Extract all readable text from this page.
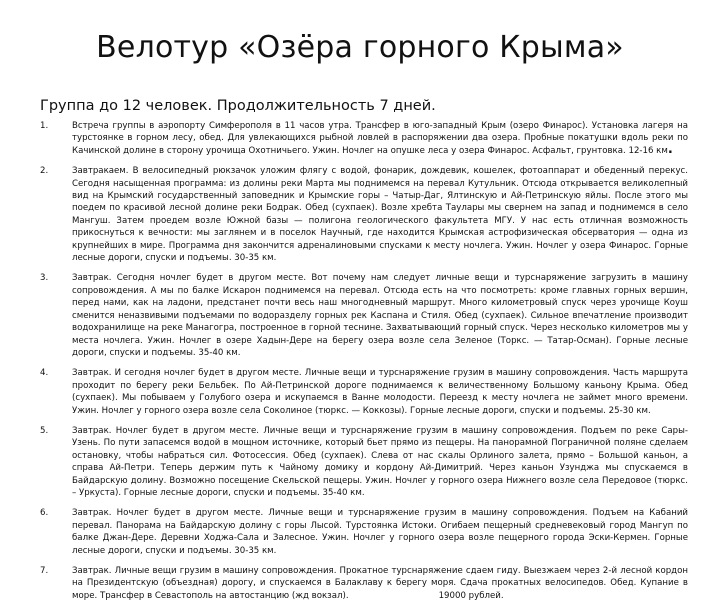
Велотур «Озёра горного Крыма»
Группа до 12 человек. Продолжительность 7 дней.
1.	Встреча группы в аэропорту Симферополя в 11 часов утра. Трансфер в юго-западный Крым (озеро Финарос). Установка лагеря на турстоянке в горном лесу, обед. Для увлекающихся рыбной ловлей в распоряжении два озера. Пробные покатушки вдоль реки по Качинской долине в сторону урочища Охотничьего. Ужин. Ночлег на опушке леса у озера Финарос. Асфальт, грунтовка. 12-16 км.
2.	Завтракаем. В велосипедный рюкзачок уложим флягу с водой, фонарик, дождевик, кошелек, фотоаппарат и обеденный перекус. Сегодня насыщенная программа: из долины реки Марта мы поднимемся на перевал Кутульник. Отсюда открывается великолепный вид на Крымский государственный заповедник и Крымские горы – Чатыр-Даг, Ялтинскую и Ай-Петринскую яйлы. После этого мы поедем по красивой лесной долине реки Бодрак. Обед (сухпаек). Возле хребта Таулары мы свернем на запад и поднимемся в село Мангуш. Затем проедем возле Южной базы — полигона геологического факультета МГУ. У нас есть отличная возможность прикоснуться к вечности: мы заглянем и в поселок Научный, где находится Крымская астрофизическая обсерватория — одна из крупнейших в мире. Программа дня закончится адреналиновыми спусками к месту ночлега. Ужин. Ночлег у озера Финарос. Горные лесные дороги, спуски и подъемы. 30-35 км.
3.	Завтрак. Сегодня ночлег будет в другом месте. Вот почему нам следует личные вещи и турснаряжение загрузить в машину сопровождения. А мы по балке Искарон поднимемся на перевал. Отсюда есть на что посмотреть: кроме главных горных вершин, перед нами, как на ладони, предстанет почти весь наш многодневный маршрут. Много километровый спуск через урочище Коуш сменится неназвивыми подъемами по водоразделу горных рек Каспана и Стиля. Обед (сухпаек). Сильное впечатление производит водохранилище на реке Манагогра, построенное в горной теснине. Захватывающий горный спуск. Через несколько километров мы у места ночлега. Ужин. Ночлег в озере Хадын-Дере на берегу озера возле села Зеленое (Торкс. — Татар-Осман). Горные лесные дороги, спуски и подъемы. 35-40 км.
4.	Завтрак. И сегодня ночлег будет в другом месте. Личные вещи и турснаряжение грузим в машину сопровождения. Часть маршрута проходит по берегу реки Бельбек. По Ай-Петринской дороге поднимаемся к величественному Большому каньону Крыма. Обед (сухпаек). Мы побываем у Голубого озера и искупаемся в Ванне молодости. Переезд к месту ночлега не займет много времени. Ужин. Ночлег у горного озера возле села Соколиное (тюркс. — Коккозы). Горные лесные дороги, спуски и подъемы. 25-30 км.
5.	Завтрак. Ночлег будет в другом месте. Личные вещи и турснаряжение грузим в машину сопровождения. Подъем по реке Сары-Узень. По пути запасемся водой в мощном источнике, который бьет прямо из пещеры. На панорамной Пограничной поляне сделаем остановку, чтобы набраться сил. Фотосессия. Обед (сухпаек). Слева от нас скалы Орлиного залета, прямо – Большой каньон, а справа Ай-Петри. Теперь держим путь к Чайному домику и кордону Ай-Димитрий. Через каньон Узунджа мы спускаемся в Байдарскую долину. Возможно посещение Скельской пещеры. Ужин. Ночлег у горного озера Нижнего возле села Передовое (тюркс. – Уркуста). Горные лесные дороги, спуски и подъемы. 35-40 км.
6.	Завтрак. Ночлег будет в другом месте. Личные вещи и турснаряжение грузим в машину сопровождения. Подъем на Кабаний перевал. Панорама на Байдарскую долину с горы Лысой. Турстоянка Истоки. Огибаем пещерный средневековый город Мангуп по балке Джан-Дере. Деревни Ходжа-Сала и Залесное. Ужин. Ночлег у горного озера возле пещерного города Эски-Кермен. Горные лесные дороги, спуски и подъемы. 30-35 км.
7.	Завтрак. Личные вещи грузим в машину сопровождения. Прокатное турснаряжение сдаем гиду. Выезжаем через 2-й лесной кордон на Президентскую (объездная) дорогу, и спускаемся в Балаклаву к берегу моря. Сдача прокатных велосипедов. Обед. Купание в море. Трансфер в Севастополь на автостанцию (жд вокзал).	19000 рублей.
